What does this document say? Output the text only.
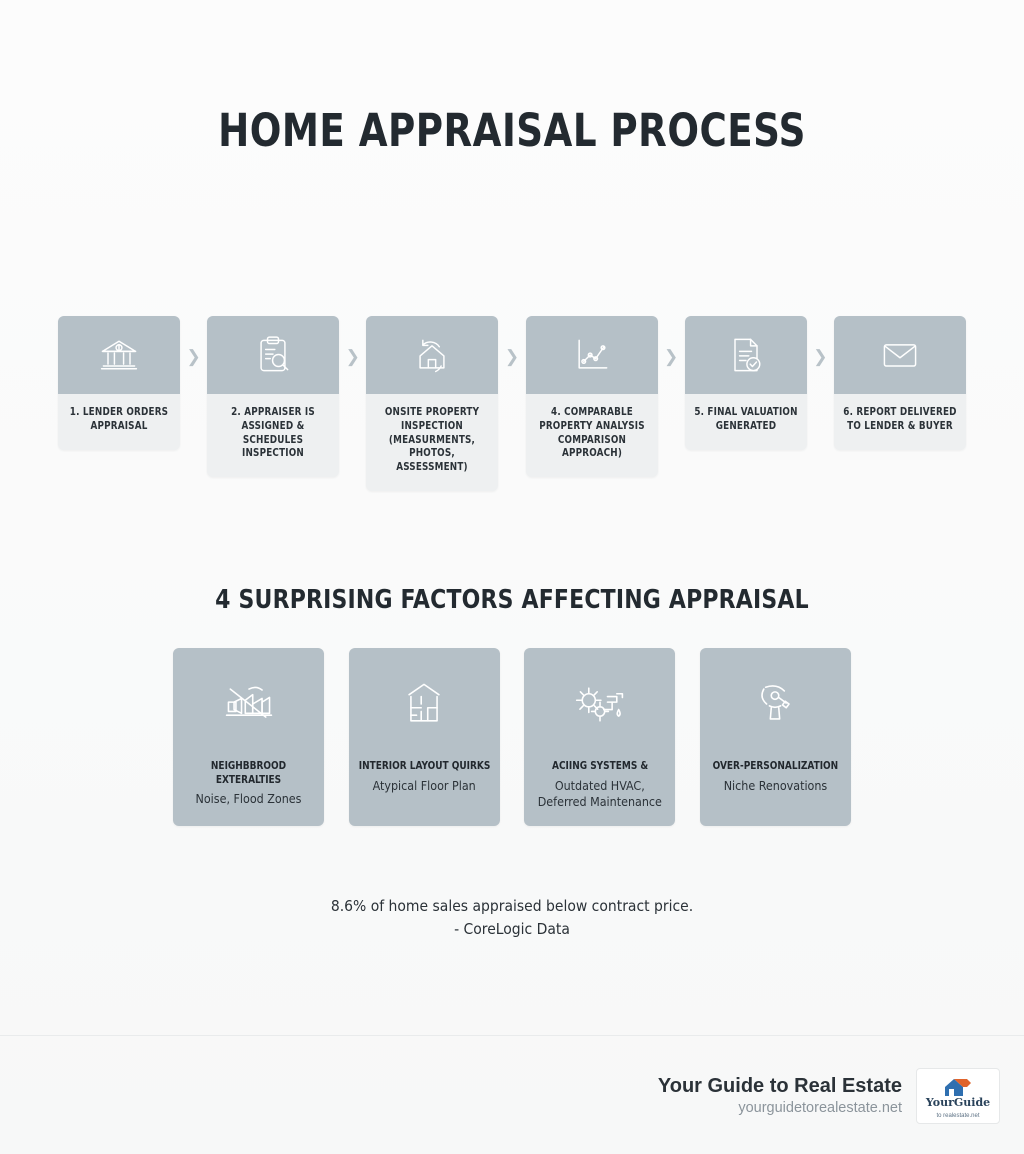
HOME APPRAISAL PROCESS
1. LENDER ORDERS APPRAISAL
❯
2. APPRAISER IS ASSIGNED & SCHEDULES INSPECTION
❯
ONSITE PROPERTY INSPECTION (MEASURMENTS, PHOTOS, ASSESSMENT)
❯
4. COMPARABLE PROPERTY ANALYSIS COMPARISON APPROACH)
❯
5. FINAL VALUATION GENERATED
❯
6. REPORT DELIVERED TO LENDER & BUYER
4 SURPRISING FACTORS AFFECTING APPRAISAL
NEIGHBBROOD EXTERALTIES
Noise, Flood Zones
INTERIOR LAYOUT QUIRKS
Atypical Floor Plan
ACIING SYSTEMS &
Outdated HVAC, Deferred Maintenance
OVER-PERSONALIZATION
Niche Renovations
8.6% of home sales appraised below contract price.
- CoreLogic Data
Your Guide to Real Estate
yourguidetorealestate.net	YourGuide
to realestate.net
